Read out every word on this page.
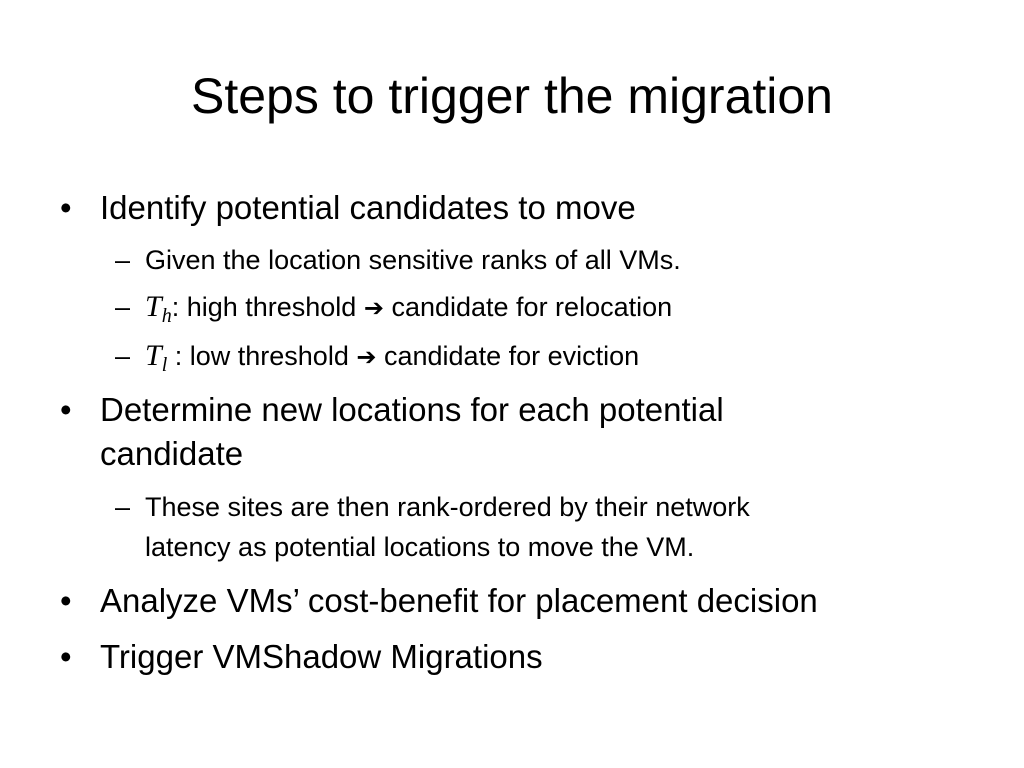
Steps to trigger the migration
• Identify potential candidates to move
– Given the location sensitive ranks of all VMs.
– $T_h$: high threshold ➔ candidate for relocation
– $T_l$ : low threshold ➔ candidate for eviction
• Determine new locations for each potential
candidate
– These sites are then rank-ordered by their network
latency as potential locations to move the VM.
• Analyze VMs’ cost-benefit for placement decision
• Trigger VMShadow Migrations
